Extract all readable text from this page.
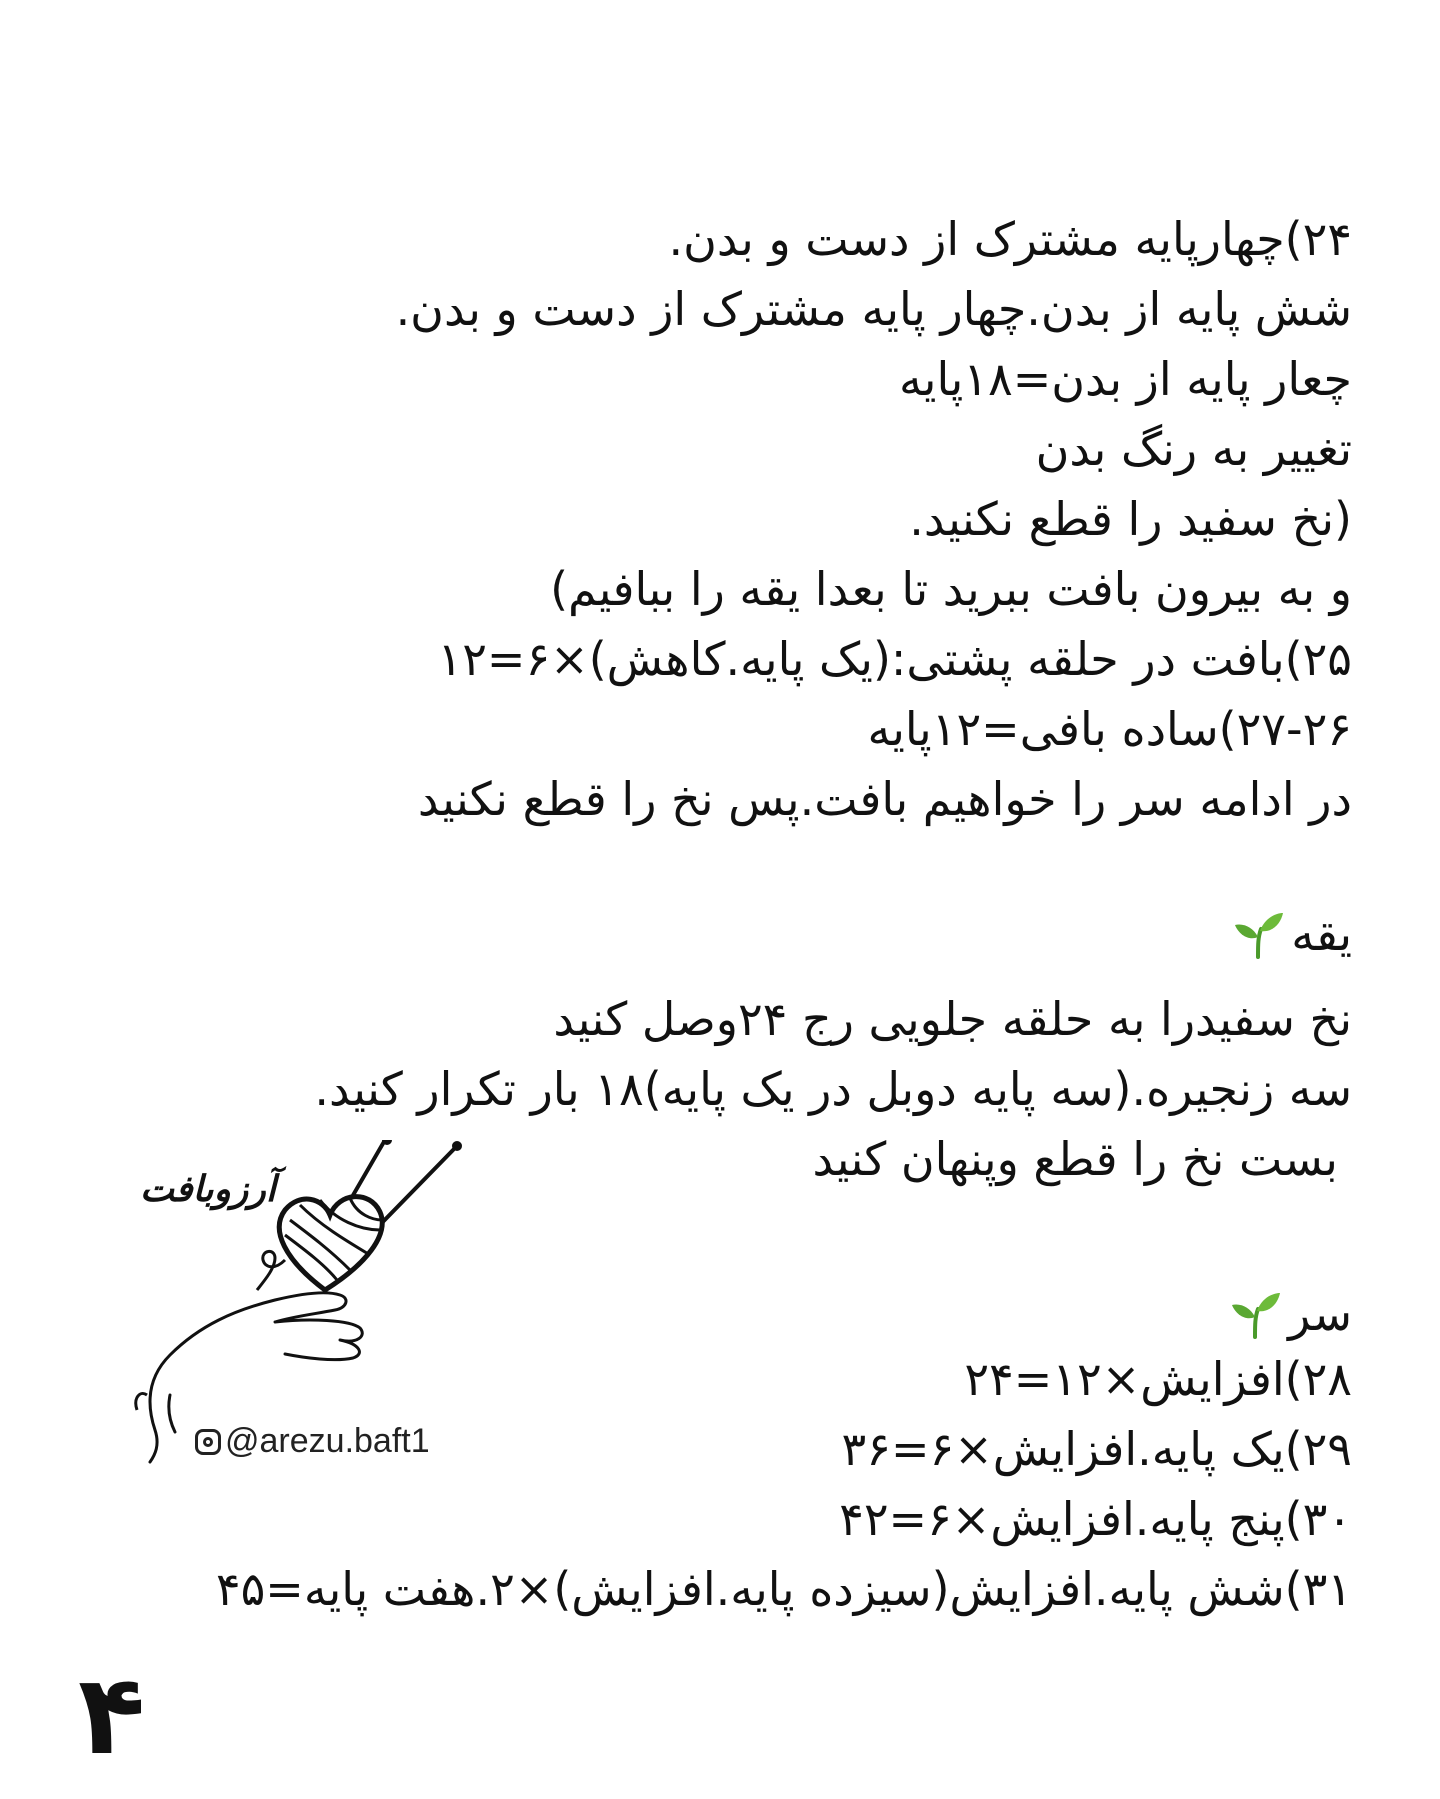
۲۴)چهارپایه مشترک از دست و بدن.
شش پایه از بدن.چهار پایه مشترک از دست و بدن.
چعار پایه از بدن=۱۸پایه
تغییر به رنگ بدن
(نخ سفید را قطع نکنید.
و به بیرون بافت ببرید تا بعدا یقه را ببافیم)
۲۵)بافت در حلقه پشتی:(یک پایه.کاهش)×۶=۱۲
۲۷-۲۶)ساده بافی=۱۲پایه
در ادامه سر را خواهیم بافت.پس نخ را قطع نکنید
یقه
نخ سفیدرا به حلقه جلویی رج ۲۴وصل کنید
سه زنجیره.(سه پایه دوبل در یک پایه)۱۸ بار تکرار کنید.
بست نخ را قطع وپنهان کنید
آرزوبافت
@arezu.baft1
سر
۲۸)افزایش×۱۲=۲۴
۲۹)یک پایه.افزایش×۶=۳۶
۳۰)پنج پایه.افزایش×۶=۴۲
۳۱)شش پایه.افزایش(سیزده پایه.افزایش)×۲.هفت پایه=۴۵
۴
